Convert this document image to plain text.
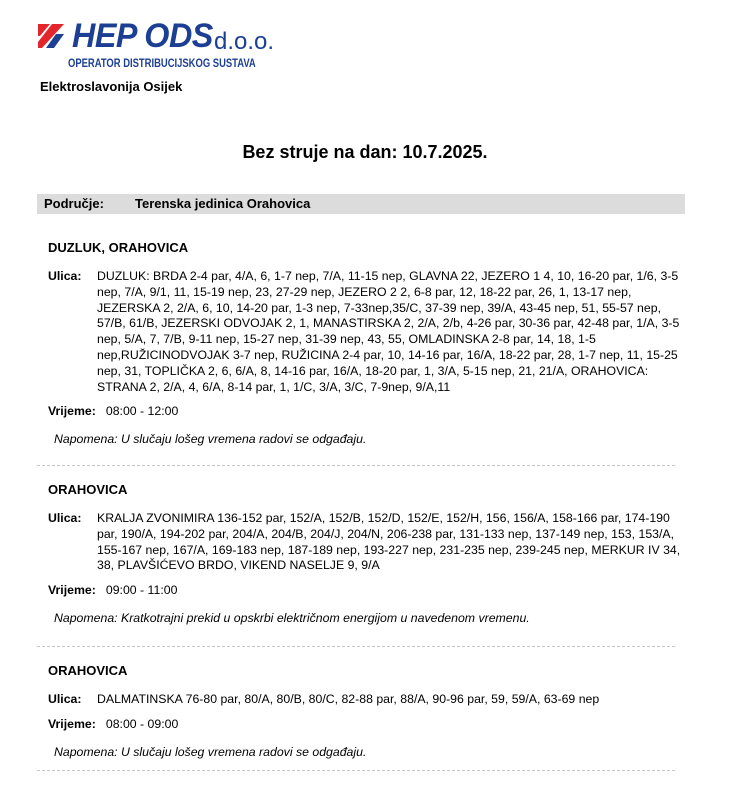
HEP ODS d.o.o.
OPERATOR DISTRIBUCIJSKOG SUSTAVA
Elektroslavonija Osijek
Bez struje na dan: 10.7.2025.
Područje: Terenska jedinica Orahovica
DUZLUK, ORAHOVICA
Ulica: DUZLUK: BRDA 2-4 par, 4/A, 6, 1-7 nep, 7/A, 11-15 nep, GLAVNA 22, JEZERO 1 4, 10, 16-20 par, 1/6, 3-5 nep, 7/A, 9/1, 11, 15-19 nep, 23, 27-29 nep, JEZERO 2 2, 6-8 par, 12, 18-22 par, 26, 1, 13-17 nep, JEZERSKA 2, 2/A, 6, 10, 14-20 par, 1-3 nep, 7-33nep,35/C, 37-39 nep, 39/A, 43-45 nep, 51, 55-57 nep, 57/B, 61/B, JEZERSKI ODVOJAK 2, 1, MANASTIRSKA 2, 2/A, 2/b, 4-26 par, 30-36 par, 42-48 par, 1/A, 3-5 nep, 5/A, 7, 7/B, 9-11 nep, 15-27 nep, 31-39 nep, 43, 55, OMLADINSKA 2-8 par, 14, 18, 1-5 nep,RUŽICINODVOJAK 3-7 nep, RUŽICINA 2-4 par, 10, 14-16 par, 16/A, 18-22 par, 28, 1-7 nep, 11, 15-25 nep, 31, TOPLIČKA 2, 6, 6/A, 8, 14-16 par, 16/A, 18-20 par, 1, 3/A, 5-15 nep, 21, 21/A, ORAHOVICA: STRANA 2, 2/A, 4, 6/A, 8-14 par, 1, 1/C, 3/A, 3/C, 7-9nep, 9/A,11
Vrijeme: 08:00 - 12:00
Napomena: U slučaju lošeg vremena radovi se odgađaju.
ORAHOVICA
Ulica: KRALJA ZVONIMIRA 136-152 par, 152/A, 152/B, 152/D, 152/E, 152/H, 156, 156/A, 158-166 par, 174-190 par, 190/A, 194-202 par, 204/A, 204/B, 204/J, 204/N, 206-238 par, 131-133 nep, 137-149 nep, 153, 153/A, 155-167 nep, 167/A, 169-183 nep, 187-189 nep, 193-227 nep, 231-235 nep, 239-245 nep, MERKUR IV 34, 38, PLAVŠIĆEVO BRDO, VIKEND NASELJE 9, 9/A
Vrijeme: 09:00 - 11:00
Napomena: Kratkotrajni prekid u opskrbi električnom energijom u navedenom vremenu.
ORAHOVICA
Ulica: DALMATINSKA 76-80 par, 80/A, 80/B, 80/C, 82-88 par, 88/A, 90-96 par, 59, 59/A, 63-69 nep
Vrijeme: 08:00 - 09:00
Napomena: U slučaju lošeg vremena radovi se odgađaju.
